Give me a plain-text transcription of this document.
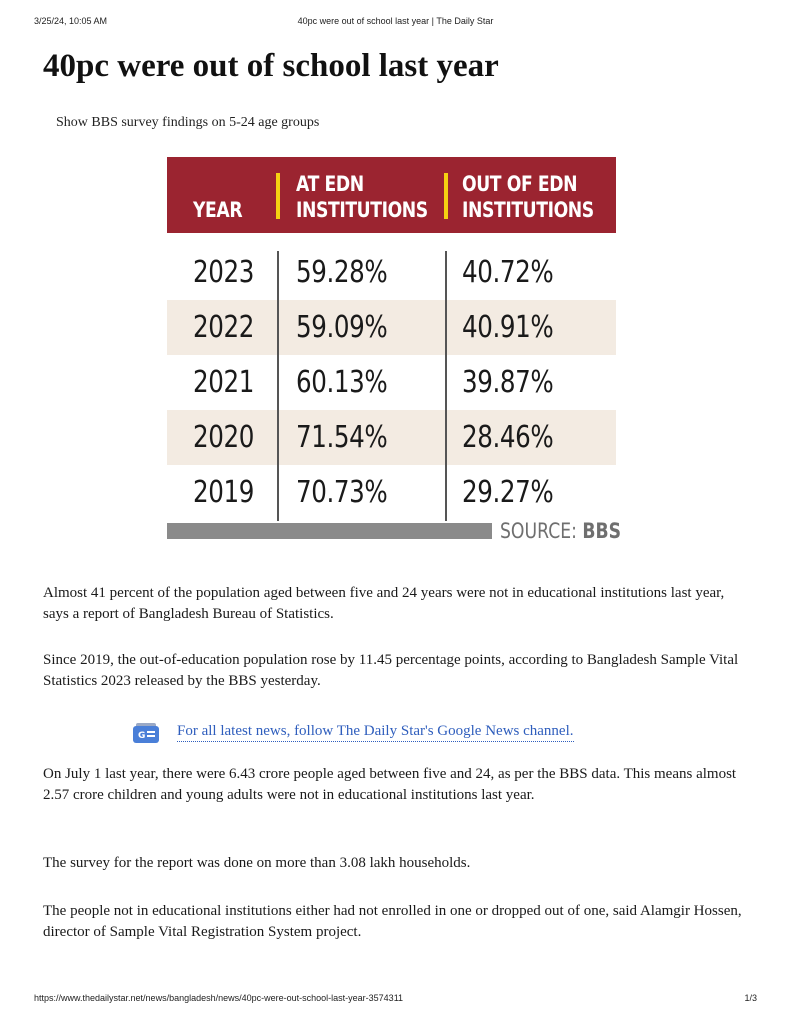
3/25/24, 10:05 AM	40pc were out of school last year | The Daily Star
40pc were out of school last year
Show BBS survey findings on 5-24 age groups
YEAR
AT EDN
INSTITUTIONS
OUT OF EDN
INSTITUTIONS
2023 59.28% 40.72%
2022 59.09% 40.91%
2021 60.13% 39.87%
2020 71.54% 28.46%
2019 70.73% 29.27%
SOURCE: BBS

Almost 41 percent of the population aged between five and 24 years were not in educational institutions last year, says a report of Bangladesh Bureau of Statistics.

Since 2019, the out-of-education population rose by 11.45 percentage points, according to Bangladesh Sample Vital Statistics 2023 released by the BBS yesterday.

G For all latest news, follow The Daily Star's Google News channel.

On July 1 last year, there were 6.43 crore people aged between five and 24, as per the BBS data. This means almost 2.57 crore children and young adults were not in educational institutions last year.

The survey for the report was done on more than 3.08 lakh households.

The people not in educational institutions either had not enrolled in one or dropped out of one, said Alamgir Hossen, director of Sample Vital Registration System project.

https://www.thedailystar.net/news/bangladesh/news/40pc-were-out-school-last-year-3574311	1/3
